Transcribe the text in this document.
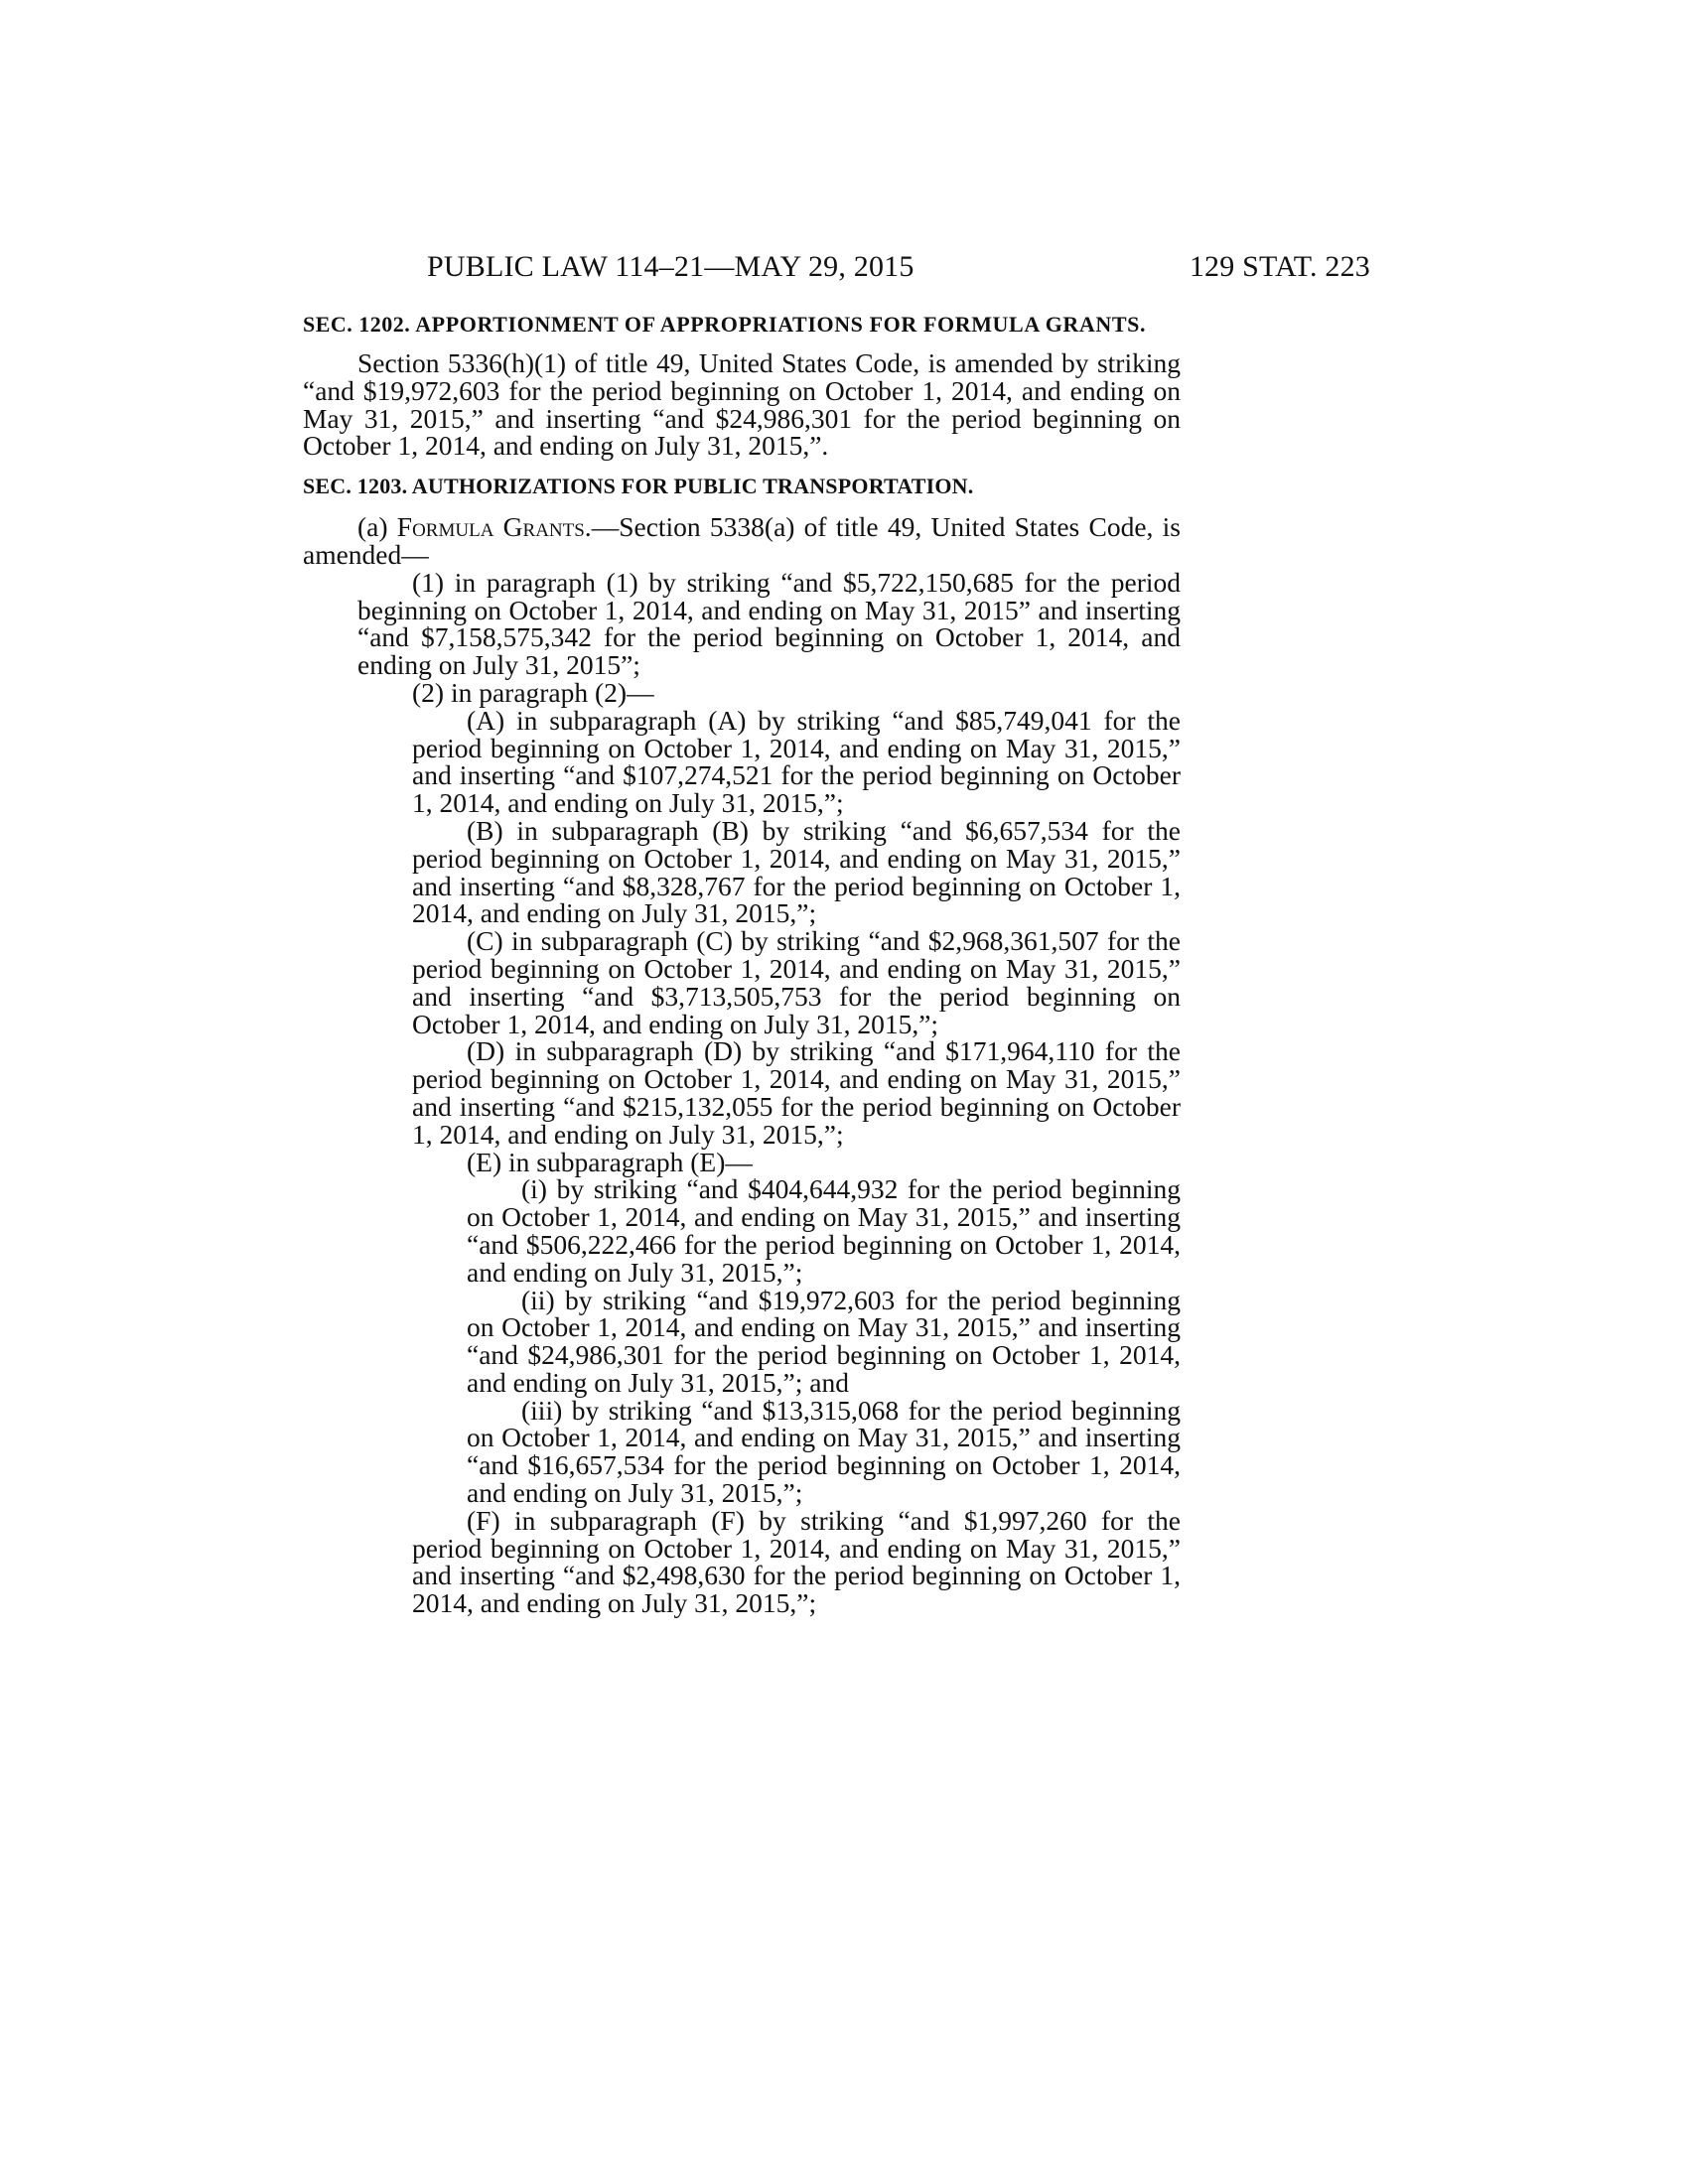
PUBLIC LAW 114–21—MAY 29, 2015	129 STAT. 223
SEC. 1202. APPORTIONMENT OF APPROPRIATIONS FOR FORMULA GRANTS.

Section 5336(h)(1) of title 49, United States Code, is amended by striking “and $19,972,603 for the period beginning on October 1, 2014, and ending on May 31, 2015,” and inserting “and $24,986,301 for the period beginning on October 1, 2014, and ending on July 31, 2015,”.

SEC. 1203. AUTHORIZATIONS FOR PUBLIC TRANSPORTATION.

(a) Formula Grants.—Section 5338(a) of title 49, United States Code, is amended—

(1) in paragraph (1) by striking “and $5,722,150,685 for the period beginning on October 1, 2014, and ending on May 31, 2015” and inserting “and $7,158,575,342 for the period beginning on October 1, 2014, and ending on July 31, 2015”;

(2) in paragraph (2)—

(A) in subparagraph (A) by striking “and $85,749,041 for the period beginning on October 1, 2014, and ending on May 31, 2015,” and inserting “and $107,274,521 for the period beginning on October 1, 2014, and ending on July 31, 2015,”;

(B) in subparagraph (B) by striking “and $6,657,534 for the period beginning on October 1, 2014, and ending on May 31, 2015,” and inserting “and $8,328,767 for the period beginning on October 1, 2014, and ending on July 31, 2015,”;

(C) in subparagraph (C) by striking “and $2,968,361,507 for the period beginning on October 1, 2014, and ending on May 31, 2015,” and inserting “and $3,713,505,753 for the period beginning on October 1, 2014, and ending on July 31, 2015,”;

(D) in subparagraph (D) by striking “and $171,964,110 for the period beginning on October 1, 2014, and ending on May 31, 2015,” and inserting “and $215,132,055 for the period beginning on October 1, 2014, and ending on July 31, 2015,”;

(E) in subparagraph (E)—

(i) by striking “and $404,644,932 for the period beginning on October 1, 2014, and ending on May 31, 2015,” and inserting “and $506,222,466 for the period beginning on October 1, 2014, and ending on July 31, 2015,”;

(ii) by striking “and $19,972,603 for the period beginning on October 1, 2014, and ending on May 31, 2015,” and inserting “and $24,986,301 for the period beginning on October 1, 2014, and ending on July 31, 2015,”; and

(iii) by striking “and $13,315,068 for the period beginning on October 1, 2014, and ending on May 31, 2015,” and inserting “and $16,657,534 for the period beginning on October 1, 2014, and ending on July 31, 2015,”;

(F) in subparagraph (F) by striking “and $1,997,260 for the period beginning on October 1, 2014, and ending on May 31, 2015,” and inserting “and $2,498,630 for the period beginning on October 1, 2014, and ending on July 31, 2015,”;
